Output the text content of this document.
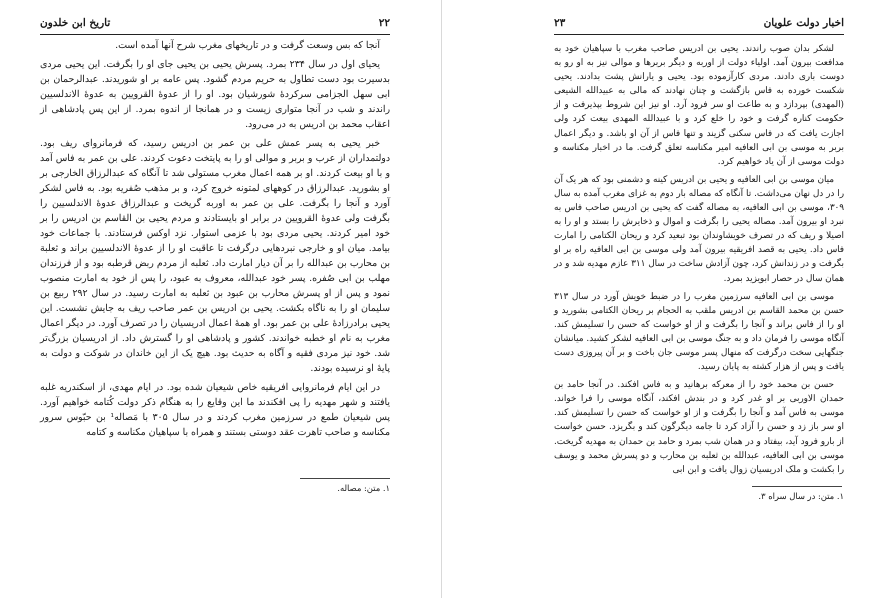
۲۲
تاریخ ابن خلدون

آنجا که بس وسعت گرفت و در تاریخهای مغرب شرح آنها آمده است.

یحیای اول در سال ۲۳۴ بمرد. پسرش یحیی بن یحیی جای او را بگرفت. این یحیی مردی بدسیرت بود دست تطاول به حریم مردم گشود. پس عامه بر او شوریدند. عبدالرحمان بن ابی سهل الجزامی سرکردهٔ شورشیان بود. او را از عدوهٔ القرویین به عدوهٔ الاندلسیین راندند و شب در آنجا متواری زیست و در همانجا از اندوه بمرد. از این پس پادشاهی از اعقاب محمد بن ادریس به در می‌رود.

خبر یحیی به پسر عمش علی بن عمر بن ادریس رسید، که فرمانروای ریف بود. دولتمداران از عرب و بربر و موالی او را به پایتخت دعوت کردند. علی بن عمر به فاس آمد و با او بیعت کردند. او بر همه اعمال مغرب مستولی شد تا آنگاه که عبدالرزاق الخارجی بر او بشورید. عبدالرزاق در کوههای لمتونه خروج کرد، و بر مذهب صُفریه بود. به فاس لشکر آورد و آنجا را بگرفت. علی بن عمر به اوربه گریخت و عبدالرزاق عدوهٔ الاندلسیین را بگرفت ولی عدوهٔ القرویین در برابر او بایستادند و مردم یحیی بن القاسم بن ادریس را بر خود امیر کردند. یحیی مردی بود با عزمی استوار. نزد اوکس فرستادند. با جماعات خود بیامد. میان او و خارجی نبردهایی درگرفت تا عاقبت او را از عدوهٔ الاندلسیین براند و ثعلبة بن محارب بن عبدالله را بر آن دیار امارت داد. ثعلبه از مردم ربض قرطبه بود و از فرزندان مهلب بن ابی صُفره. پسر خود عبدالله، معروف به عبود، را پس از خود به امارت منصوب نمود و پس از او پسرش محارب بن عبود بن ثعلبه به امارت رسید. در سال ۲۹۲ ربیع بن سلیمان او را به ناگاه بکشت. یحیی بن ادریس بن عمر صاحب ریف به جایش نشست. این یحیی برادرزادهٔ علی بن عمر بود. او همهٔ اعمال ادریسیان را در تصرف آورد. در دیگر اعمال مغرب به نام او خطبه خواندند. کشور و پادشاهی او را گسترش داد. از ادریسیان بزرگ‌تر شد. خود نیز مردی فقیه و آگاه به حدیث بود. هیچ یک از این خاندان در شوکت و دولت به پایهٔ او نرسیده بودند.

در این ایام فرمانروایی افریقیه خاص شیعیان شده بود. در ایام مهدی، از اسکندریه غلبه یافتند و شهر مهدیه را پی افکندند ما این وقایع را به هنگام ذکر دولت کُتامه خواهیم آورد. پس شیعیان طمع در سرزمین مغرب کردند و در سال ۳۰۵ با مَصاله¹ بن حبّوس سرور مکناسه و صاحب تاهرت عقد دوستی بستند و همراه با سپاهیان مکناسه و کتامه

۱. متن: مصاله.
اخبار دولت علویان
۲۳

لشکر بدان صوب راندند. یحیی بن ادریس صاحب مغرب با سپاهیان خود به مدافعت بیرون آمد. اولیاء دولت از اوربه و دیگر بربرها و موالی نیز به او رو به دوست باری دادند. مردی کارآزموده بود. یحیی و یارانش پشت بدادند. یحیی شکست خورده به فاس بازگشت و چنان نهادند که مالی به عبیدالله الشیعی (المهدی) بپردازد و به طاعت او سر فرود آرد. او نیز این شروط بپذیرفت و از حکومت کناره گرفت و خود را خلع کرد و با عبیدالله المهدی بیعت کرد ولی اجازت یافت که در فاس سکنی گزیند و تنها فاس از آن او باشد. و دیگر اعمال بربر به موسی بن ابی العافیه امیر مکناسه تعلق گرفت. ما در اخبار مکناسه و دولت موسی از آن یاد خواهیم کرد.

میان موسی بن ابی العافیه و یحیی بن ادریس کینه و دشمنی بود که هر یک آن را در دل نهان می‌داشت. تا آنگاه که مصاله بار دوم به غزای مغرب آمده به سال ۳۰۹، موسی بن ابی العافیه، به مصاله گفت که یحیی بن ادریس صاحب فاس به نبرد او بیرون آمد. مصاله یحیی را بگرفت و اموال و ذخایرش را بستد و او را به اصیلا و ریف که در تصرف خویشاوندان بود تبعید کرد و ریحان الکتامی را امارت فاس داد. یحیی به قصد افریقیه بیرون آمد ولی موسی بن ابی العافیه راه بر او بگرفت و در زندانش کرد، چون آزادش ساخت در سال ۳۱۱ عازم مهدیه شد و در همان سال در حصار ابویزید بمرد.

موسی بن ابی العافیه سرزمین مغرب را در ضبط خویش آورد در سال ۳۱۳ حسن بن محمد القاسم بن ادریس ملقب به الحجام بر ریحان الکتامی بشورید و او را از فاس براند و آنجا را بگرفت و از او خواست که حسن را تسلیمش کند. آنگاه موسی را فرمان داد و به جنگ موسی بن ابی العافیه لشکر کشید. میانشان جنگهایی سخت درگرفت که منهال پسر موسی جان باخت و بر آن پیروزی دست یافت و پس از هزار کشته به پایان رسید.

حسن بن محمد خود را از معرکه برهانید و به فاس افکند. در آنجا حامد بن حمدان الاوربی بر او غدر کرد و در بندش افکند، آنگاه موسی را فرا خواند. موسی به فاس آمد و آنجا را بگرفت و از او خواست که حسن را تسلیمش کند. او سر باز زد و حسن را آزاد کرد تا جامه دیگرگون کند و بگریزد. حسن خواست از بارو فرود آید، بیفتاد و در همان شب بمرد و حامد بن حمدان به مهدیه گریخت. موسی بن ابی العافیه، عبدالله بن ثعلبه بن محارب و دو پسرش محمد و یوسف را بکشت و ملک ادریسیان زوال یافت و ابن ابی

۱. متن: در سال سراه ۳.
